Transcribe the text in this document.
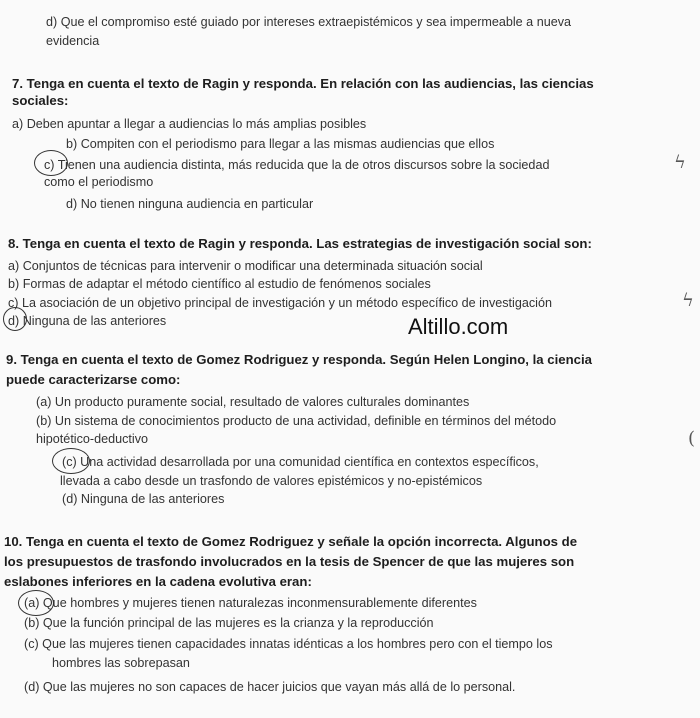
d) Que el compromiso esté guiado por intereses extraepistémicos y sea impermeable a nueva
evidencia
7. Tenga en cuenta el texto de Ragin y responda. En relación con las audiencias, las ciencias
sociales:
a) Deben apuntar a llegar a audiencias lo más amplias posibles
b) Compiten con el periodismo para llegar a las mismas audiencias que ellos
c) Tienen una audiencia distinta, más reducida que la de otros discursos sobre la sociedad
como el periodismo
d) No tienen ninguna audiencia en particular
ϟ
8. Tenga en cuenta el texto de Ragin y responda. Las estrategias de investigación social son:
a) Conjuntos de técnicas para intervenir o modificar una determinada situación social
b) Formas de adaptar el método científico al estudio de fenómenos sociales
c) La asociación de un objetivo principal de investigación y un método específico de investigación
d) Ninguna de las anteriores
ϟ
Altillo.com
9. Tenga en cuenta el texto de Gomez Rodriguez y responda. Según Helen Longino, la ciencia
puede caracterizarse como:
(a) Un producto puramente social, resultado de valores culturales dominantes
(b) Un sistema de conocimientos producto de una actividad, definible en términos del método
hipotético-deductivo
(c) Una actividad desarrollada por una comunidad científica en contextos específicos,
llevada a cabo desde un trasfondo de valores epistémicos y no-epistémicos
(d) Ninguna de las anteriores
(
10. Tenga en cuenta el texto de Gomez Rodriguez y señale la opción incorrecta. Algunos de
los presupuestos de trasfondo involucrados en la tesis de Spencer de que las mujeres son
eslabones inferiores en la cadena evolutiva eran:
(a) Que hombres y mujeres tienen naturalezas inconmensurablemente diferentes
(b) Que la función principal de las mujeres es la crianza y la reproducción
(c) Que las mujeres tienen capacidades innatas idénticas a los hombres pero con el tiempo los
hombres las sobrepasan
(d) Que las mujeres no son capaces de hacer juicios que vayan más allá de lo personal.
